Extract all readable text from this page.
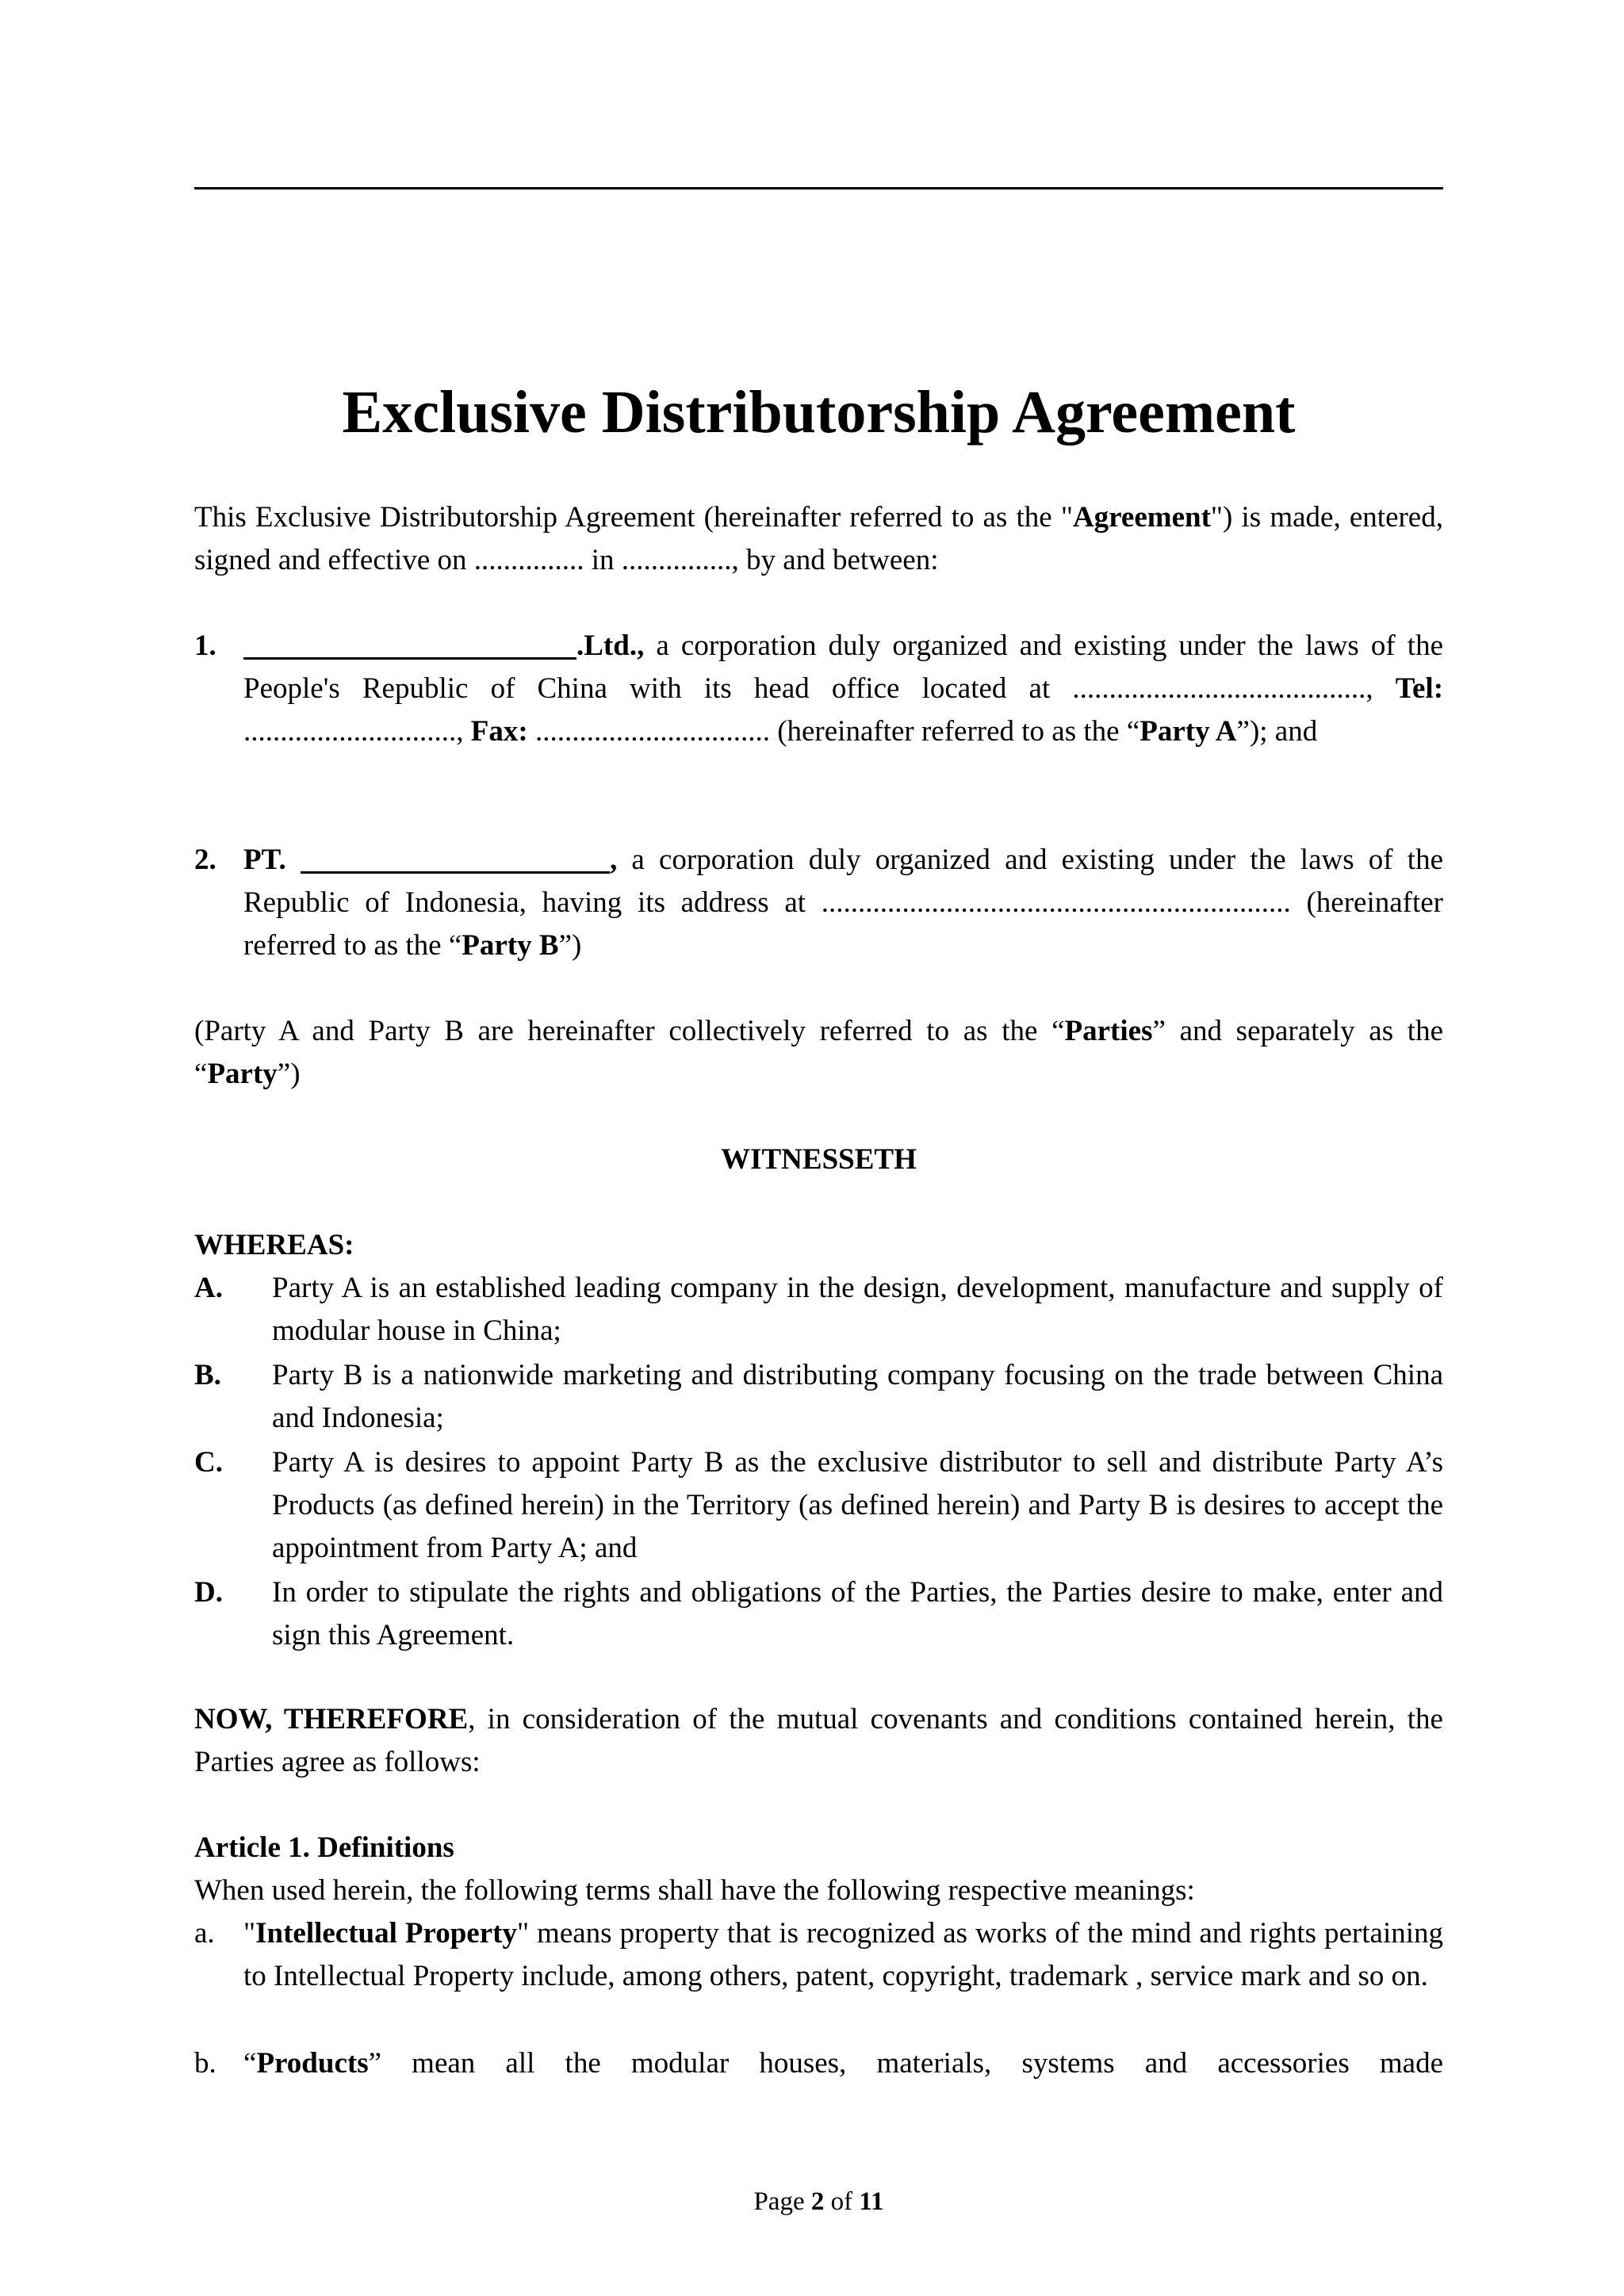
Exclusive Distributorship Agreement
This Exclusive Distributorship Agreement (hereinafter referred to as the "Agreement") is made, entered, signed and effective on ............... in ..............., by and between:
1.	.Ltd., a corporation duly organized and existing under the laws of the People's Republic of China with its head office located at ........................................, Tel: ............................., Fax: ................................ (hereinafter referred to as the “Party A”); and
2. PT.	, a corporation duly organized and existing under the laws of the Republic of Indonesia, having its address at ................................................................ (hereinafter referred to as the “Party B”)
(Party A and Party B are hereinafter collectively referred to as the “Parties” and separately as the “Party”)
WITNESSETH
WHEREAS:
A. Party A is an established leading company in the design, development, manufacture and supply of modular house in China;
B. Party B is a nationwide marketing and distributing company focusing on the trade between China and Indonesia;
C. Party A is desires to appoint Party B as the exclusive distributor to sell and distribute Party A’s Products (as defined herein) in the Territory (as defined herein) and Party B is desires to accept the appointment from Party A; and
D. In order to stipulate the rights and obligations of the Parties, the Parties desire to make, enter and sign this Agreement.
NOW, THEREFORE, in consideration of the mutual covenants and conditions contained herein, the Parties agree as follows:
Article 1. Definitions
When used herein, the following terms shall have the following respective meanings:
a. "Intellectual Property" means property that is recognized as works of the mind and rights pertaining to Intellectual Property include, among others, patent, copyright, trademark , service mark and so on.
b. “Products” mean all the modular houses, materials, systems and accessories made
Page 2 of 11
